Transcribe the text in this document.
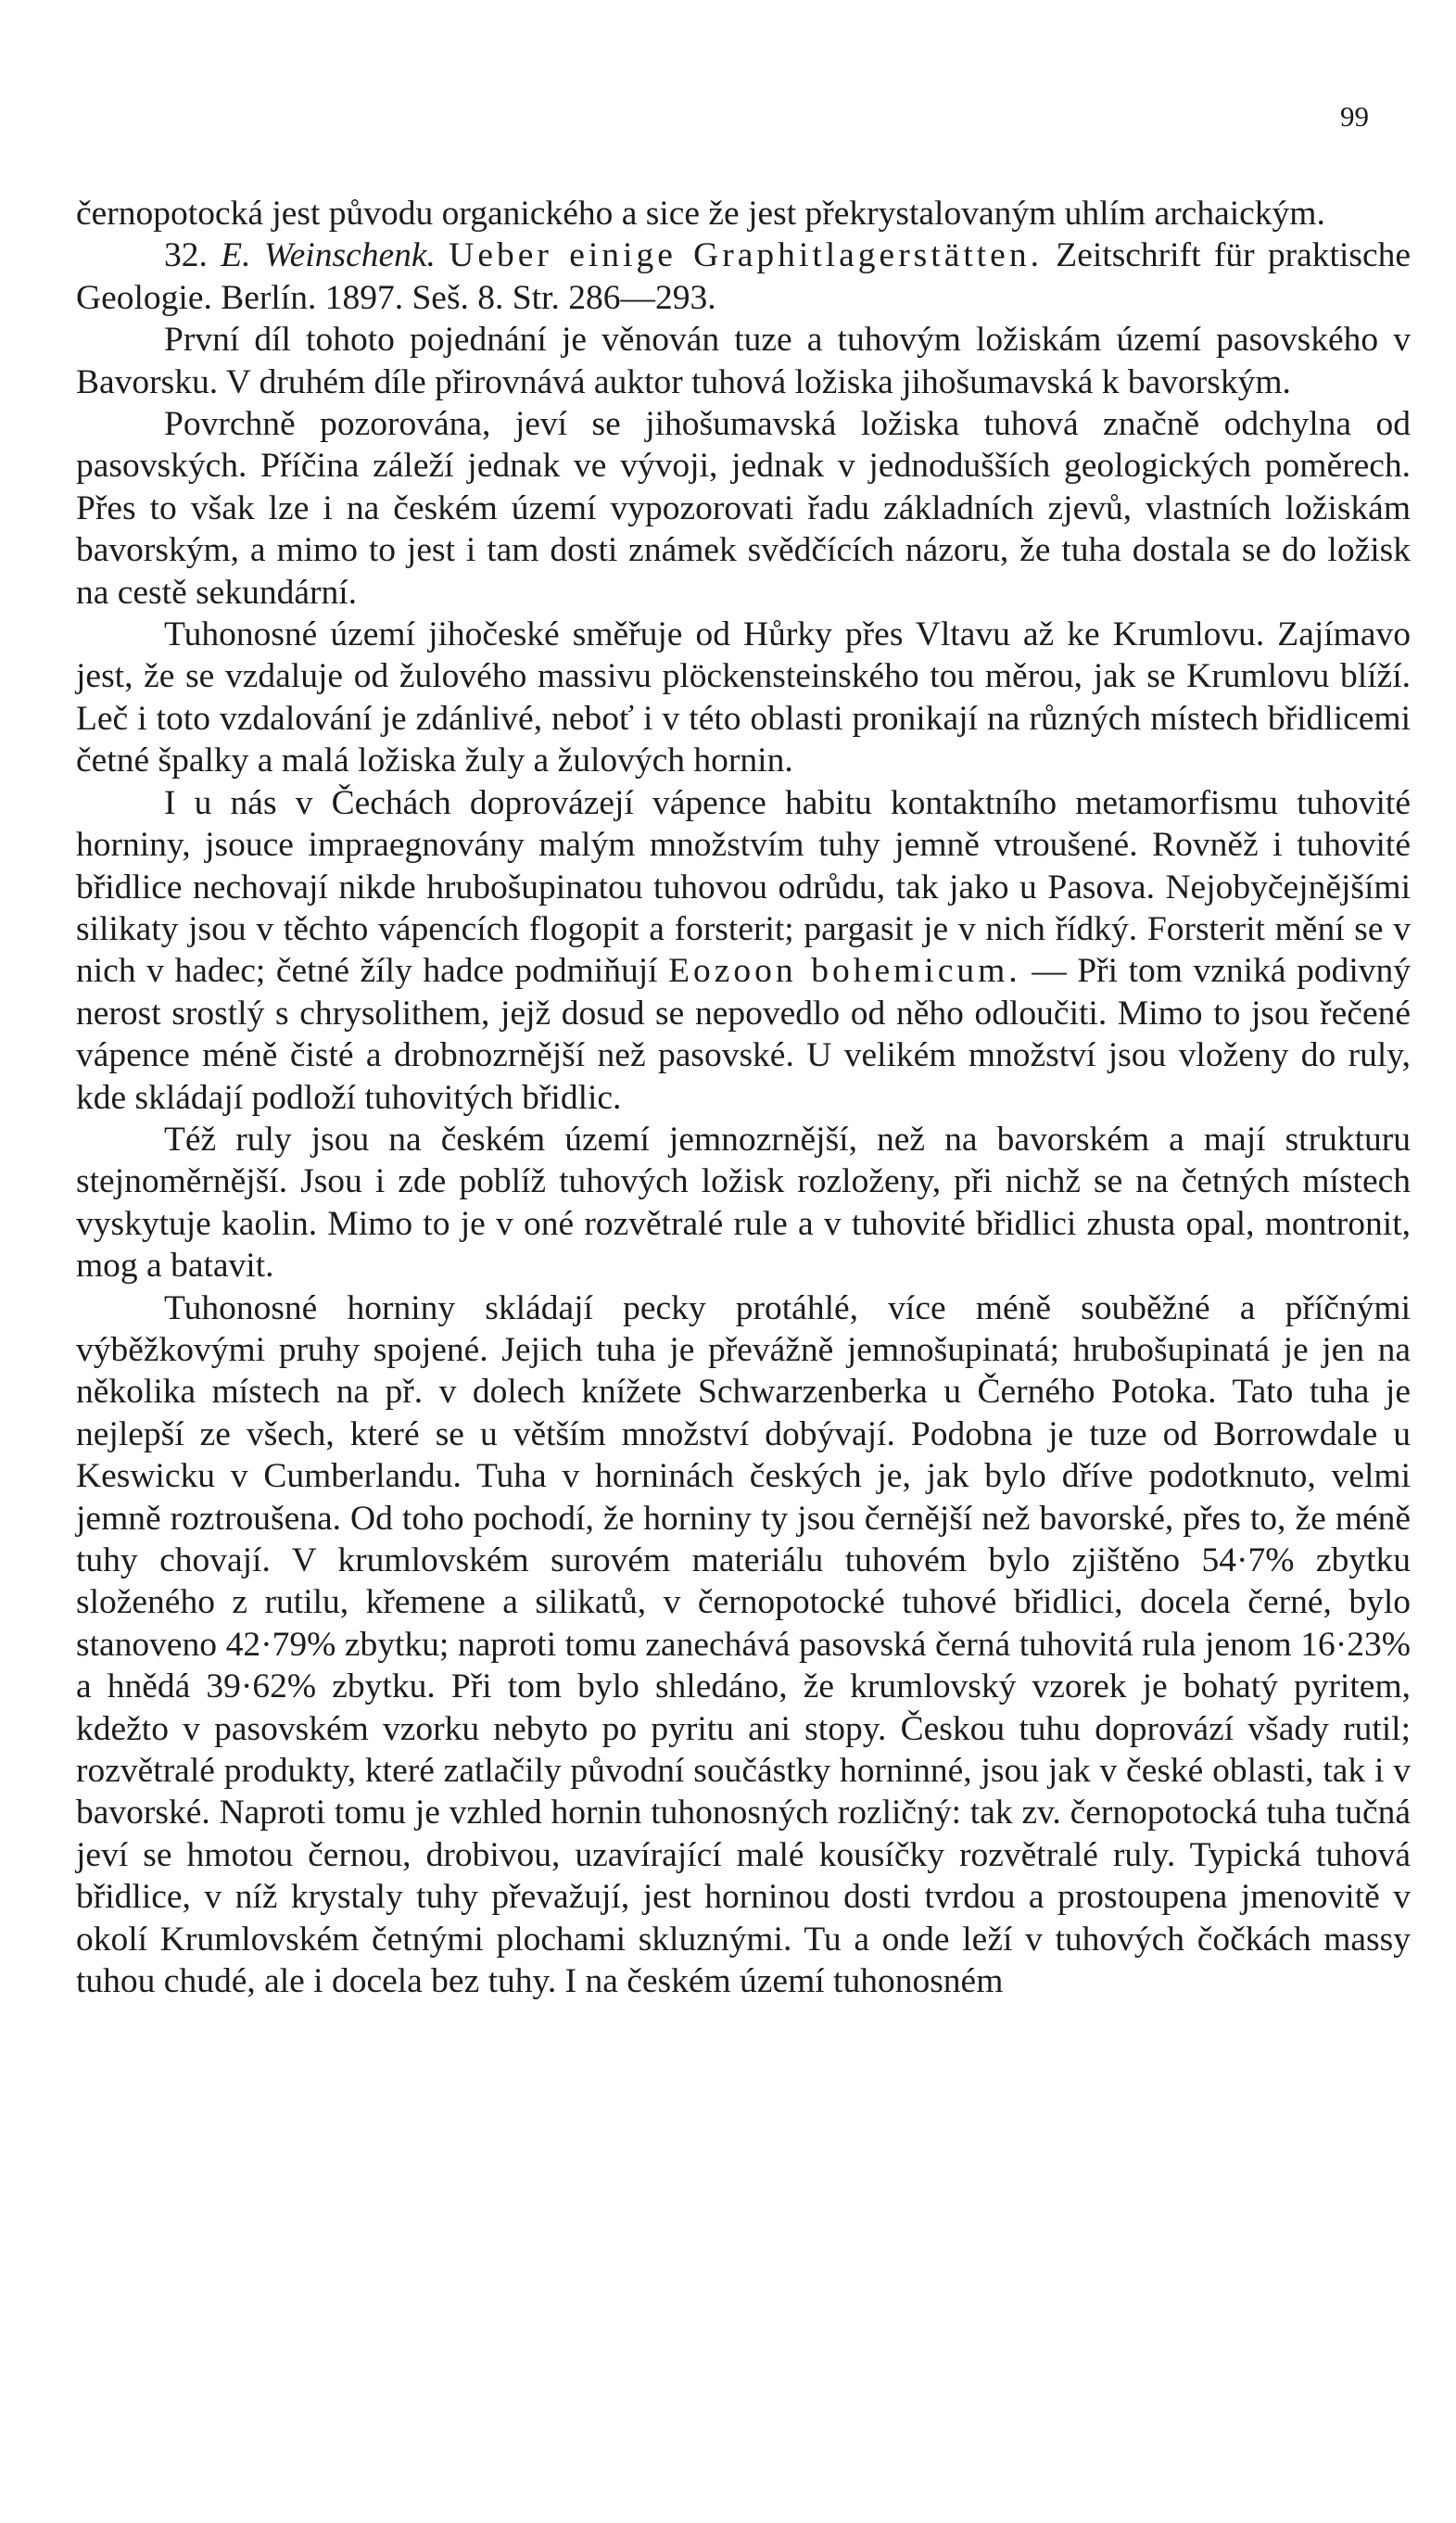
99

černopotocká jest původu organického a sice že jest překrystalovaným uhlím archaickým.

32. E. Weinschenk. Ueber einige Graphitlagerstätten. Zeitschrift für praktische Geologie. Berlín. 1897. Seš. 8. Str. 286—293.

První díl tohoto pojednání je věnován tuze a tuhovým ložiskám území pasovského v Bavorsku. V druhém díle přirovnává auktor tuhová ložiska jihošumavská k bavorským.

Povrchně pozorována, jeví se jihošumavská ložiska tuhová značně odchylna od pasovských. Příčina záleží jednak ve vývoji, jednak v jednodušších geologických poměrech. Přes to však lze i na českém území vypozorovati řadu základních zjevů, vlastních ložiskám bavorským, a mimo to jest i tam dosti známek svědčících názoru, že tuha dostala se do ložisk na cestě sekundární.

Tuhonosné území jihočeské směřuje od Hůrky přes Vltavu až ke Krumlovu. Zajímavo jest, že se vzdaluje od žulového massivu plöckensteinského tou měrou, jak se Krumlovu blíží. Leč i toto vzdalování je zdánlivé, neboť i v této oblasti pronikají na různých místech břidlicemi četné špalky a malá ložiska žuly a žulových hornin.

I u nás v Čechách doprovázejí vápence habitu kontaktního metamorfismu tuhovité horniny, jsouce impraegnovány malým množstvím tuhy jemně vtroušené. Rovněž i tuhovité břidlice nechovají nikde hrubošupinatou tuhovou odrůdu, tak jako u Pasova. Nejobyčejnějšími silikaty jsou v těchto vápencích flogopit a forsterit; pargasit je v nich řídký. Forsterit mění se v nich v hadec; četné žíly hadce podmiňují Eozoon bohemicum. — Při tom vzniká podivný nerost srostlý s chrysolithem, jejž dosud se nepovedlo od něho odloučiti. Mimo to jsou řečené vápence méně čisté a drobnozrnější než pasovské. U velikém množství jsou vloženy do ruly, kde skládají podloží tuhovitých břidlic.

Též ruly jsou na českém území jemnozrnější, než na bavorském a mají strukturu stejnoměrnější. Jsou i zde poblíž tuhových ložisk rozloženy, při nichž se na četných místech vyskytuje kaolin. Mimo to je v oné rozvětralé rule a v tuhovité břidlici zhusta opal, montronit, mog a batavit.

Tuhonosné horniny skládají pecky protáhlé, více méně souběžné a příčnými výběžkovými pruhy spojené. Jejich tuha je převážně jemnošupinatá; hrubošupinatá je jen na několika místech na př. v dolech knížete Schwarzenberka u Černého Potoka. Tato tuha je nejlepší ze všech, které se u větším množství dobývají. Podobna je tuze od Borrowdale u Keswicku v Cumberlandu. Tuha v horninách českých je, jak bylo dříve podotknuto, velmi jemně roztroušena. Od toho pochodí, že horniny ty jsou černější než bavorské, přes to, že méně tuhy chovají. V krumlovském surovém materiálu tuhovém bylo zjištěno 54·7% zbytku složeného z rutilu, křemene a silikatů, v černopotocké tuhové břidlici, docela černé, bylo stanoveno 42·79% zbytku; naproti tomu zanechává pasovská černá tuhovitá rula jenom 16·23% a hnědá 39·62% zbytku. Při tom bylo shledáno, že krumlovský vzorek je bohatý pyritem, kdežto v pasovském vzorku nebyto po pyritu ani stopy. Českou tuhu doprovází všady rutil; rozvětralé produkty, které zatlačily původní součástky horninné, jsou jak v české oblasti, tak i v bavorské. Naproti tomu je vzhled hornin tuhonosných rozličný: tak zv. černopotocká tuha tučná jeví se hmotou černou, drobivou, uzavírající malé kousíčky rozvětralé ruly. Typická tuhová břidlice, v níž krystaly tuhy převažují, jest horninou dosti tvrdou a prostoupena jmenovitě v okolí Krumlovském četnými plochami skluznými. Tu a onde leží v tuhových čočkách massy tuhou chudé, ale i docela bez tuhy. I na českém území tuhonosném
